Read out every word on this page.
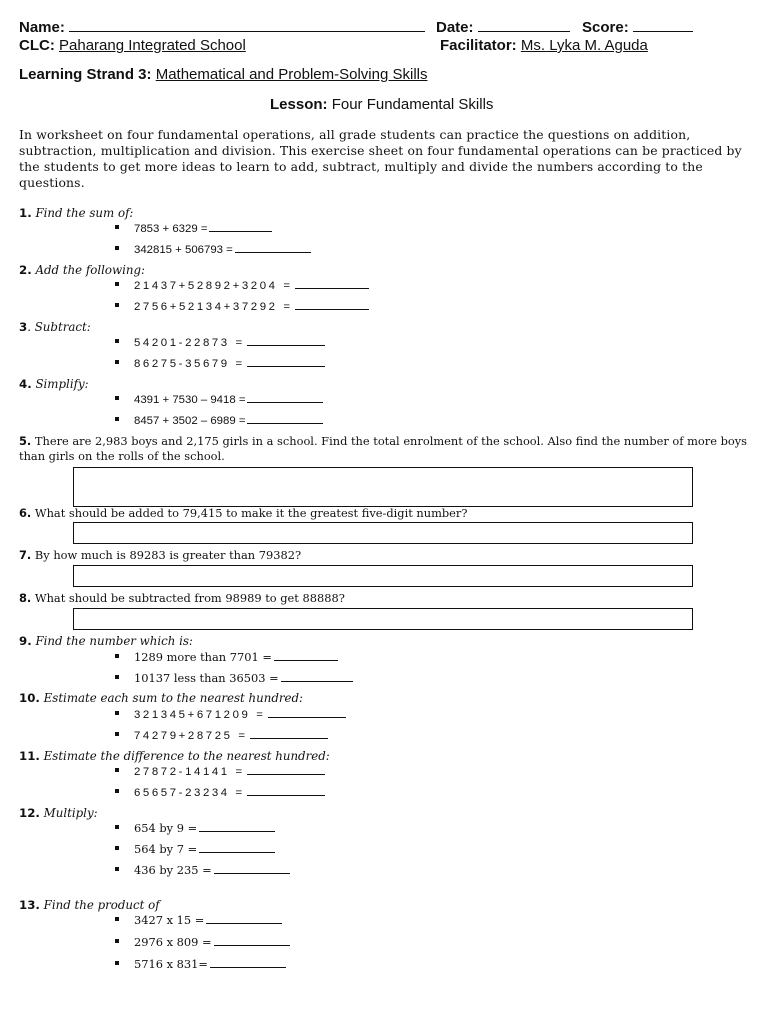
Name:	Date:	Score:
CLC: Paharang Integrated School	Facilitator: Ms. Lyka M. Aguda
Learning Strand 3: Mathematical and Problem-Solving Skills
Lesson: Four Fundamental Skills
In worksheet on four fundamental operations, all grade students can practice the questions on addition, subtraction, multiplication and division. This exercise sheet on four fundamental operations can be practiced by the students to get more ideas to learn to add, subtract, multiply and divide the numbers according to the questions.
1. Find the sum of:
7853 + 6329 =
342815 + 506793 =
2. Add the following:
21437+52892+3204 =
2756+52134+37292 =
3. Subtract:
54201-22873 =
86275-35679 =
4. Simplify:
4391 + 7530 – 9418 =
8457 + 3502 – 6989 =
5. There are 2,983 boys and 2,175 girls in a school. Find the total enrolment of the school. Also find the number of more boys than girls on the rolls of the school.
6. What should be added to 79,415 to make it the greatest five-digit number?
7. By how much is 89283 is greater than 79382?
8. What should be subtracted from 98989 to get 88888?
9. Find the number which is:
1289 more than 7701 =
10137 less than 36503 =
10. Estimate each sum to the nearest hundred:
321345+671209 =
74279+28725 =
11. Estimate the difference to the nearest hundred:
27872-14141 =
65657-23234 =
12. Multiply:
654 by 9 =
564 by 7 =
436 by 235 =
13. Find the product of
3427 x 15 =
2976 x 809 =
5716 x 831=
